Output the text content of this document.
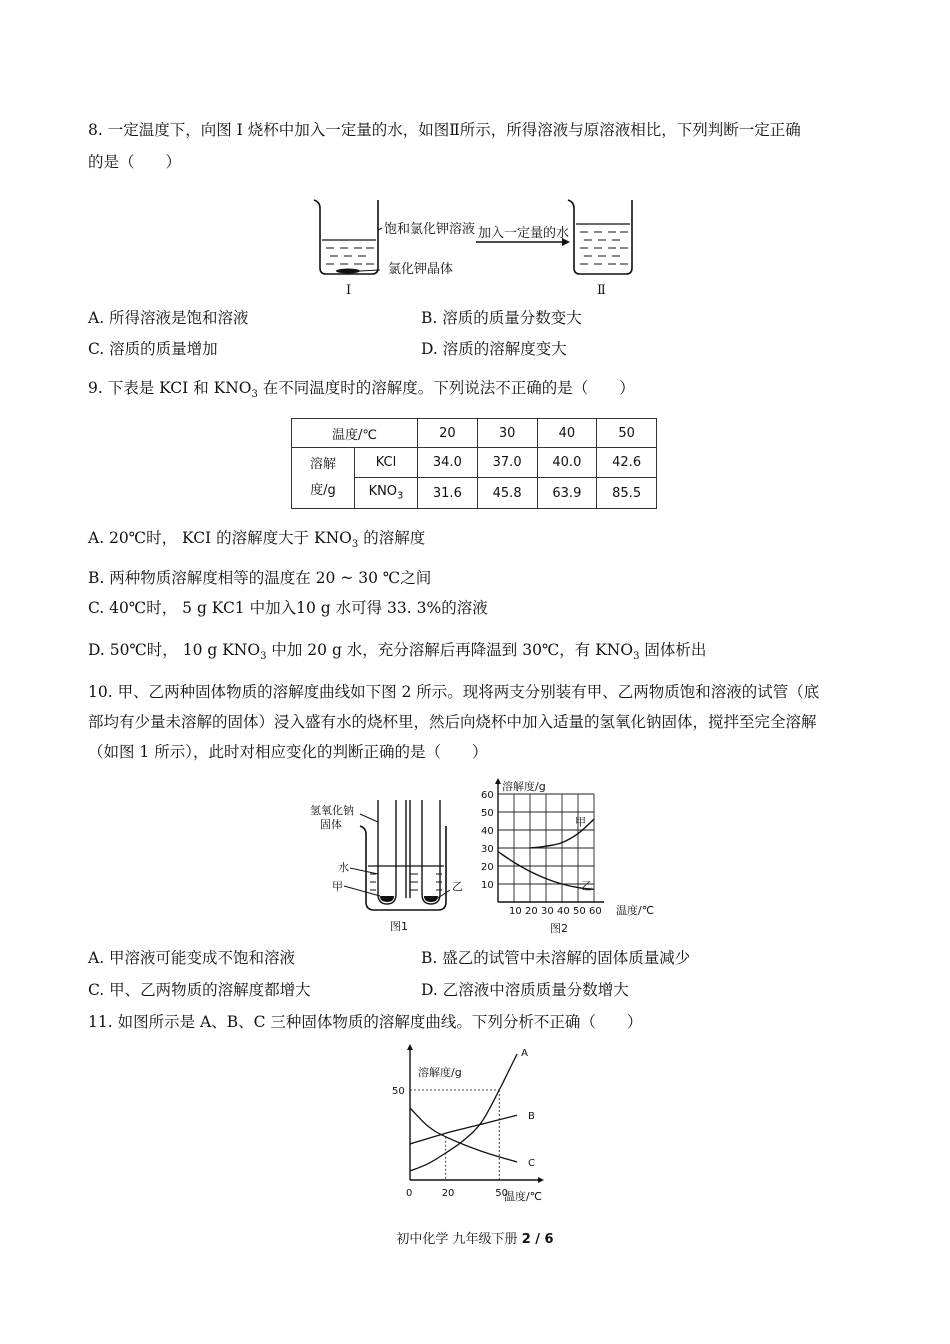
8. 一定温度下，向图 I 烧杯中加入一定量的水，如图Ⅱ所示，所得溶液与原溶液相比，下列判断一定正确
的是（　　）
饱和氯化钾溶液 加入一定量的水
氯化钾晶体
Ⅰ	Ⅱ
A. 所得溶液是饱和溶液	B. 溶质的质量分数变大
C. 溶质的质量增加	D. 溶质的溶解度变大
9. 下表是 KCI 和 $KNO_3$ 在不同温度时的溶解度。下列说法不正确的是（　　）
温度/℃		20	30	40	50
溶解
度/g	KCl	34.0	37.0	40.0	42.6
	$KNO_3$	31.6	45.8	63.9	85.5
A. 20℃时， KCI 的溶解度大于 $KNO_3$ 的溶解度
B. 两种物质溶解度相等的温度在 20 ~ 30 ℃之间
C. 40℃时， 5 g KC1 中加入10 g 水可得 33. 3%的溶液
D. 50℃时， 10 g $KNO_3$ 中加 20 g 水，充分溶解后再降温到 30℃，有 $KNO_3$ 固体析出
10. 甲、乙两种固体物质的溶解度曲线如下图 2 所示。现将两支分别装有甲、乙两物质饱和溶液的试管（底
部均有少量未溶解的固体）浸入盛有水的烧杯里，然后向烧杯中加入适量的氢氧化钠固体，搅拌至完全溶解
（如图 1 所示），此时对相应变化的判断正确的是（　　）
氢氧化钠
固体
水
甲	乙
图1
溶解度/g
温度/℃
图2
10 20 30 40 50 60
10
20
30
40
50
60
甲
乙
A. 甲溶液可能变成不饱和溶液	B. 盛乙的试管中未溶解的固体质量减少
C. 甲、乙两物质的溶解度都增大	D. 乙溶液中溶质质量分数增大
11. 如图所示是 A、B、C 三种固体物质的溶解度曲线。下列分析不正确（　　）
溶解度/g
温度/℃
0	20	50
50
A
B
C
初中化学 九年级下册 2 / 6
